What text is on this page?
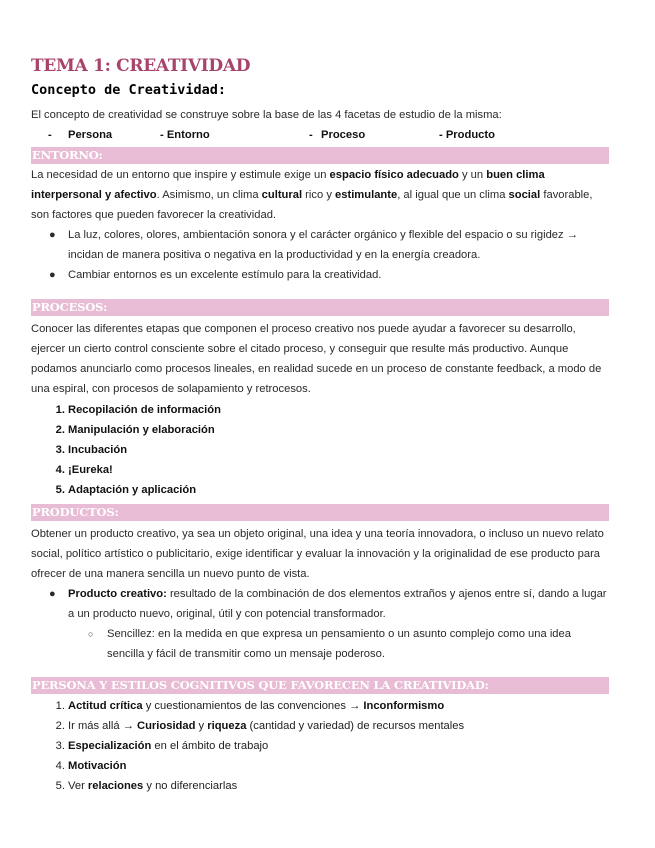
TEMA 1: CREATIVIDAD
Concepto de Creatividad:

El concepto de creatividad se construye sobre la base de las 4 facetas de estudio de la misma:

- Persona	- Entorno	- Proceso	- Producto
ENTORNO:

La necesidad de un entorno que inspire y estimule exige un espacio físico adecuado y un buen clima interpersonal y afectivo. Asimismo, un clima cultural rico y estimulante, al igual que un clima social favorable, son factores que pueden favorecer la creatividad.

● La luz, colores, olores, ambientación sonora y el carácter orgánico y flexible del espacio o su rigidez → incidan de manera positiva o negativa en la productividad y en la energía creadora.
● Cambiar entornos es un excelente estímulo para la creatividad.
PROCESOS:

Conocer las diferentes etapas que componen el proceso creativo nos puede ayudar a favorecer su desarrollo, ejercer un cierto control consciente sobre el citado proceso, y conseguir que resulte más productivo. Aunque podamos anunciarlo como procesos lineales, en realidad sucede en un proceso de constante feedback, a modo de una espiral, con procesos de solapamiento y retrocesos.

1. Recopilación de información
2. Manipulación y elaboración
3. Incubación
4. ¡Eureka!
5. Adaptación y aplicación
PRODUCTOS:

Obtener un producto creativo, ya sea un objeto original, una idea y una teoría innovadora, o incluso un nuevo relato social, político artístico o publicitario, exige identificar y evaluar la innovación y la originalidad de ese producto para ofrecer de una manera sencilla un nuevo punto de vista.

● Producto creativo: resultado de la combinación de dos elementos extraños y ajenos entre sí, dando a lugar a un producto nuevo, original, útil y con potencial transformador.
○ Sencillez: en la medida en que expresa un pensamiento o un asunto complejo como una idea sencilla y fácil de transmitir como un mensaje poderoso.
PERSONA Y ESTILOS COGNITIVOS QUE FAVORECEN LA CREATIVIDAD:
1. Actitud crítica y cuestionamientos de las convenciones → Inconformismo
2. Ir más allá → Curiosidad y riqueza (cantidad y variedad) de recursos mentales
3. Especialización en el ámbito de trabajo
4. Motivación
5. Ver relaciones y no diferenciarlas
